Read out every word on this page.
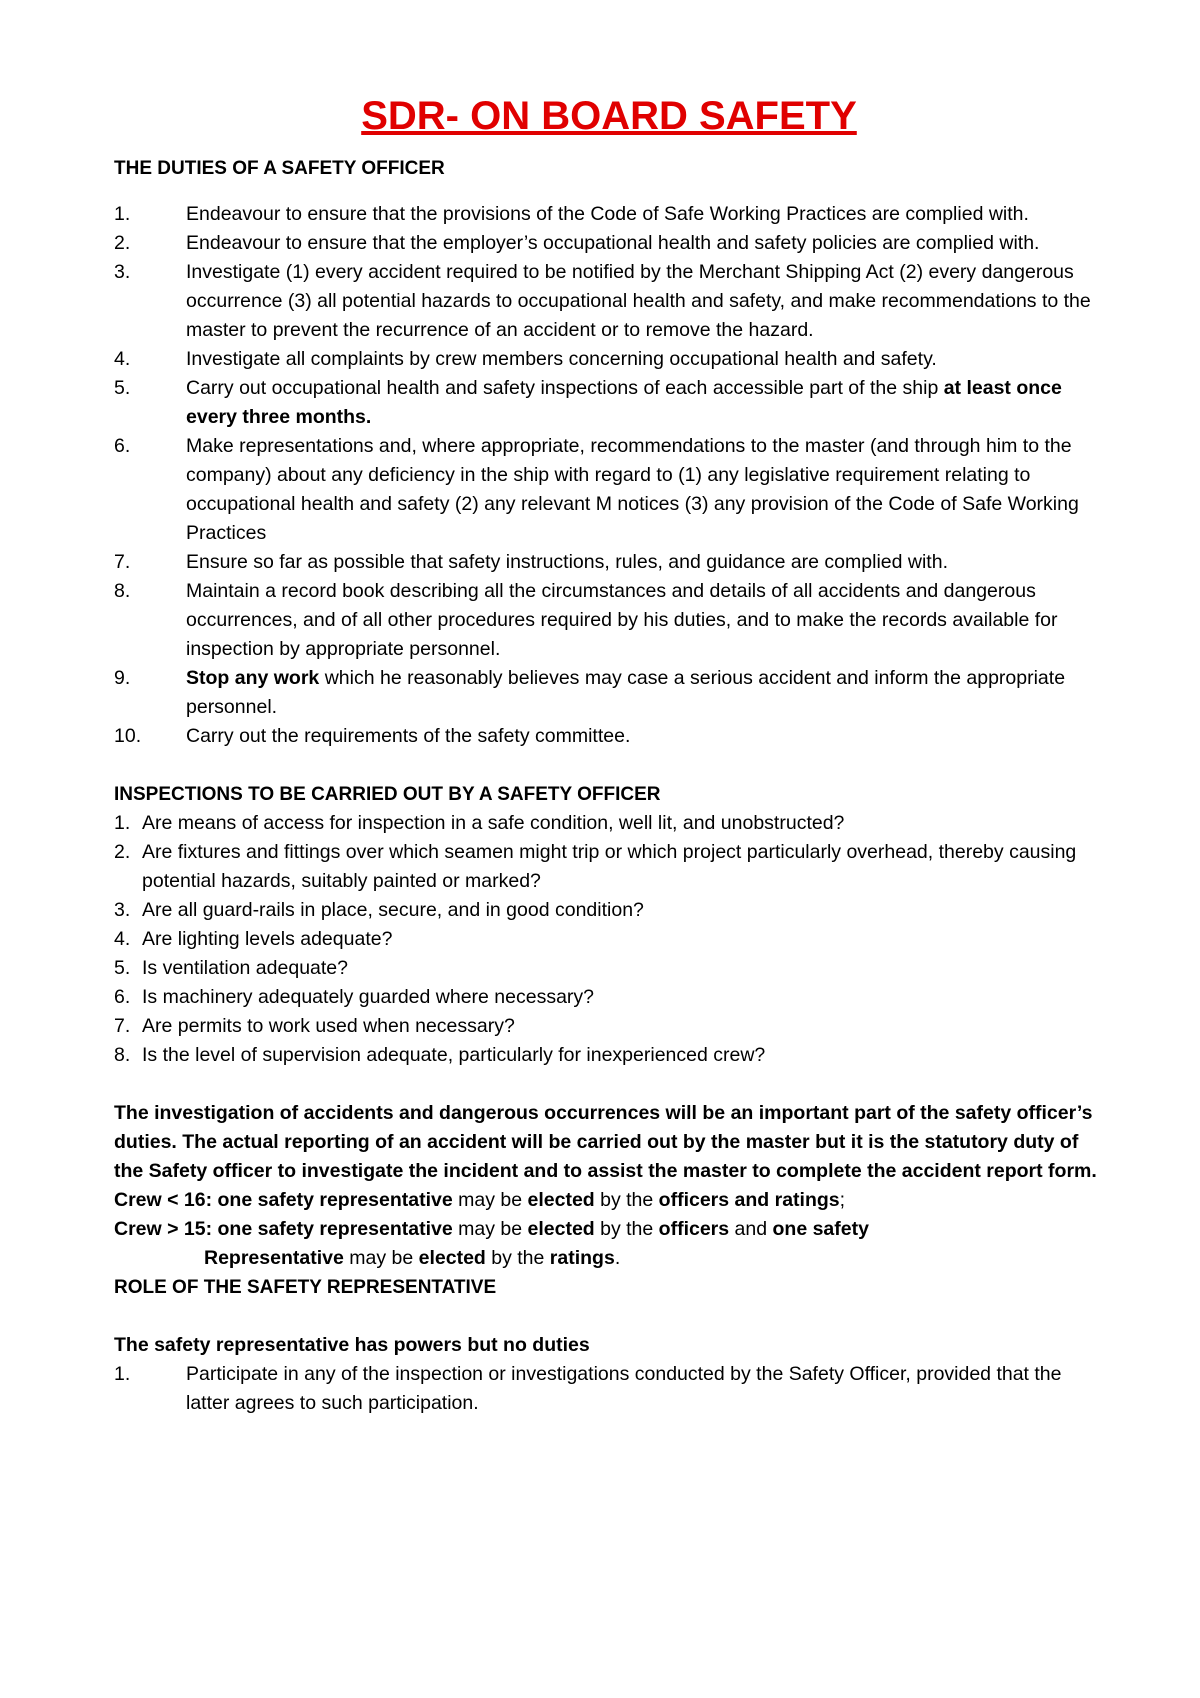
SDR- ON BOARD SAFETY
THE DUTIES OF A SAFETY OFFICER
1.	Endeavour to ensure that the provisions of the Code of Safe Working Practices are complied with.
2.	Endeavour to ensure that the employer’s occupational health and safety policies are complied with.
3.	Investigate (1) every accident required to be notified by the Merchant Shipping Act (2) every dangerous occurrence (3) all potential hazards to occupational health and safety, and make recommendations to the master to prevent the recurrence of an accident or to remove the hazard.
4.	Investigate all complaints by crew members concerning occupational health and safety.
5.	Carry out occupational health and safety inspections of each accessible part of the ship at least once every three months.
6.	Make representations and, where appropriate, recommendations to the master (and through him to the company) about any deficiency in the ship with regard to (1) any legislative requirement relating to occupational health and safety (2) any relevant M notices (3) any provision of the Code of Safe Working Practices
7.	Ensure so far as possible that safety instructions, rules, and guidance are complied with.
8.	Maintain a record book describing all the circumstances and details of all accidents and dangerous occurrences, and of all other procedures required by his duties, and to make the records available for inspection by appropriate personnel.
9.	Stop any work which he reasonably believes may case a serious accident and inform the appropriate personnel.
10.	Carry out the requirements of the safety committee.
INSPECTIONS TO BE CARRIED OUT BY A SAFETY OFFICER
1. Are means of access for inspection in a safe condition, well lit, and unobstructed?
2. Are fixtures and fittings over which seamen might trip or which project particularly overhead, thereby causing potential hazards, suitably painted or marked?
3. Are all guard-rails in place, secure, and in good condition?
4. Are lighting levels adequate?
5. Is ventilation adequate?
6. Is machinery adequately guarded where necessary?
7. Are permits to work used when necessary?
8. Is the level of supervision adequate, particularly for inexperienced crew?

The investigation of accidents and dangerous occurrences will be an important part of the safety officer’s duties. The actual reporting of an accident will be carried out by the master but it is the statutory duty of the Safety officer to investigate the incident and to assist the master to complete the accident report form.

Crew < 16: one safety representative may be elected by the officers and ratings;

Crew > 15: one safety representative may be elected by the officers and one safety

Representative may be elected by the ratings.

ROLE OF THE SAFETY REPRESENTATIVE

The safety representative has powers but no duties

1.	Participate in any of the inspection or investigations conducted by the Safety Officer, provided that the latter agrees to such participation.
